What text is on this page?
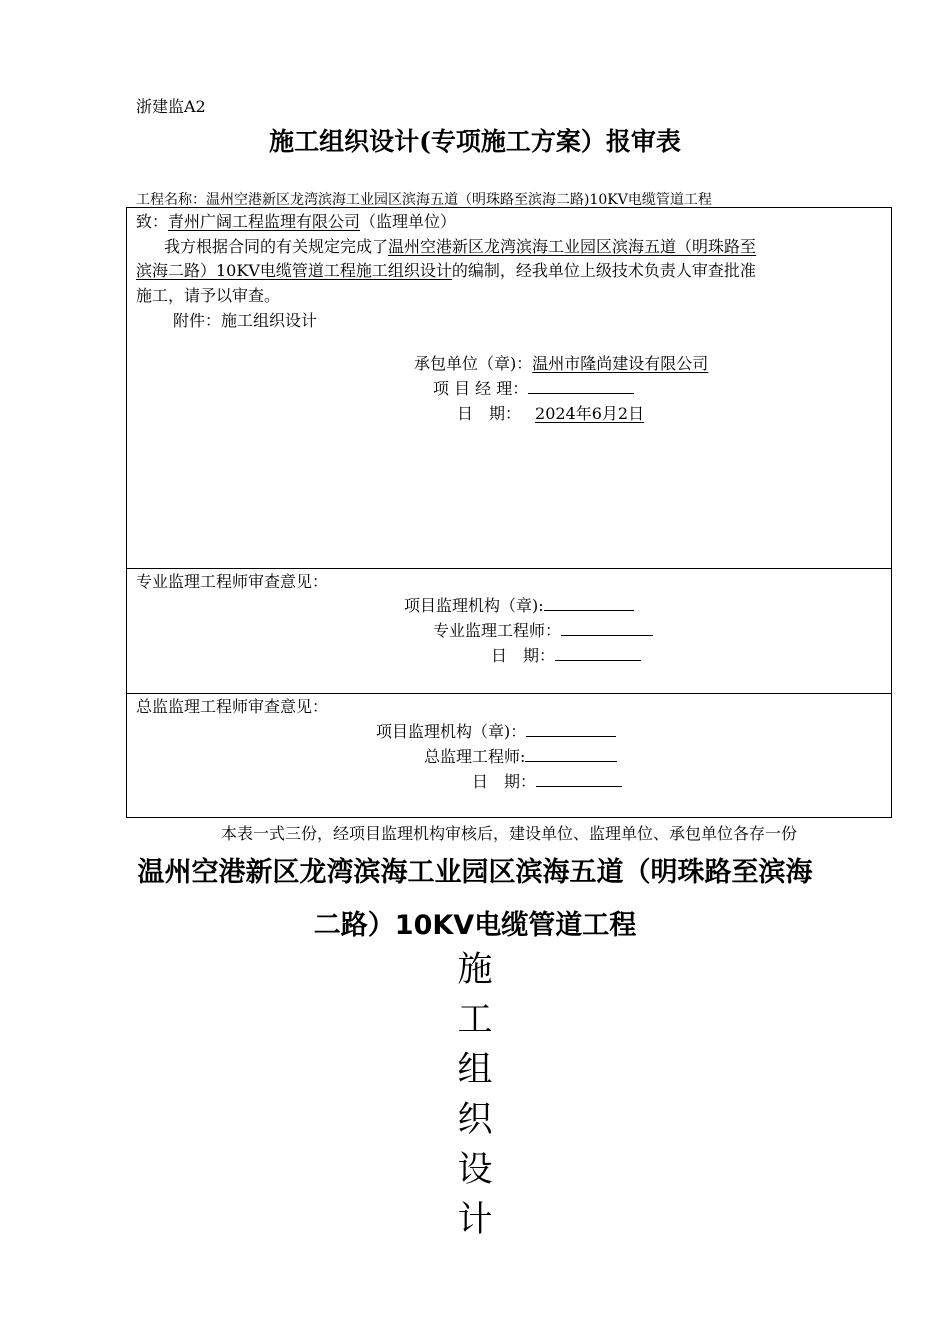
浙建监A2
施工组织设计(专项施工方案）报审表
工程名称：温州空港新区龙湾滨海工业园区滨海五道（明珠路至滨海二路)10KV电缆管道工程
致：青州广阔工程监理有限公司（监理单位）
我方根据合同的有关规定完成了温州空港新区龙湾滨海工业园区滨海五道（明珠路至
滨海二路）10KV电缆管道工程施工组织设计的编制，经我单位上级技术负责人审查批准
施工，请予以审查。
附件：施工组织设计
承包单位（章)：温州市隆尚建设有限公司
项 目 经 理：
日　期： 2024年6月2日
专业监理工程师审查意见：
项目监理机构（章):
专业监理工程师：
日　期：
总监监理工程师审查意见：
项目监理机构（章)：
总监理工程师:
日　期：
本表一式三份，经项目监理机构审核后，建设单位、监理单位、承包单位各存一份
温州空港新区龙湾滨海工业园区滨海五道（明珠路至滨海
二路）10KV电缆管道工程
施
工
组
织
设
计
